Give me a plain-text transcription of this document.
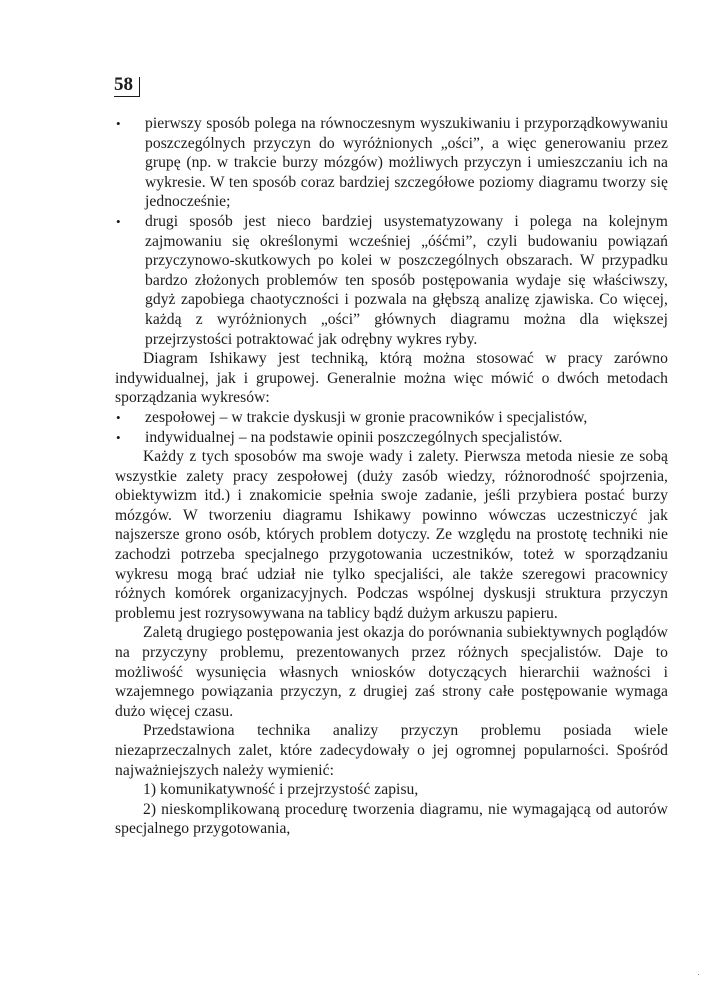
58
• pierwszy sposób polega na równoczesnym wyszukiwaniu i przyporządkowywaniu poszczególnych przyczyn do wyróżnionych „ości”, a więc generowaniu przez grupę (np. w trakcie burzy mózgów) możliwych przyczyn i umieszczaniu ich na wykresie. W ten sposób coraz bardziej szczegółowe poziomy diagramu tworzy się jednocześnie;
• drugi sposób jest nieco bardziej usystematyzowany i polega na kolejnym zajmowaniu się określonymi wcześniej „óśćmi”, czyli budowaniu powiązań przyczynowo-skutkowych po kolei w poszczególnych obszarach. W przypadku bardzo złożonych problemów ten sposób postępowania wydaje się właściwszy, gdyż zapobiega chaotyczności i pozwala na głębszą analizę zjawiska. Co więcej, każdą z wyróżnionych „ości” głównych diagramu można dla większej przejrzystości potraktować jak odrębny wykres ryby.

Diagram Ishikawy jest techniką, którą można stosować w pracy zarówno indywidualnej, jak i grupowej. Generalnie można więc mówić o dwóch metodach sporządzania wykresów:

• zespołowej – w trakcie dyskusji w gronie pracowników i specjalistów,
• indywidualnej – na podstawie opinii poszczególnych specjalistów.

Każdy z tych sposobów ma swoje wady i zalety. Pierwsza metoda niesie ze sobą wszystkie zalety pracy zespołowej (duży zasób wiedzy, różnorodność spojrzenia, obiektywizm itd.) i znakomicie spełnia swoje zadanie, jeśli przybiera postać burzy mózgów. W tworzeniu diagramu Ishikawy powinno wówczas uczestniczyć jak najszersze grono osób, których problem dotyczy. Ze względu na prostotę techniki nie zachodzi potrzeba specjalnego przygotowania uczestników, toteż w sporządzaniu wykresu mogą brać udział nie tylko specjaliści, ale także szeregowi pracownicy różnych komórek organizacyjnych. Podczas wspólnej dyskusji struktura przyczyn problemu jest rozrysowywana na tablicy bądź dużym arkuszu papieru.

Zaletą drugiego postępowania jest okazja do porównania subiektywnych poglądów na przyczyny problemu, prezentowanych przez różnych specjalistów. Daje to możliwość wysunięcia własnych wniosków dotyczących hierarchii ważności i wzajemnego powiązania przyczyn, z drugiej zaś strony całe postępowanie wymaga dużo więcej czasu.

Przedstawiona technika analizy przyczyn problemu posiada wiele niezaprzeczalnych zalet, które zadecydowały o jej ogromnej popularności. Spośród najważniejszych należy wymienić:

1) komunikatywność i przejrzystość zapisu,
2) nieskomplikowaną procedurę tworzenia diagramu, nie wymagającą od autorów specjalnego przygotowania,
